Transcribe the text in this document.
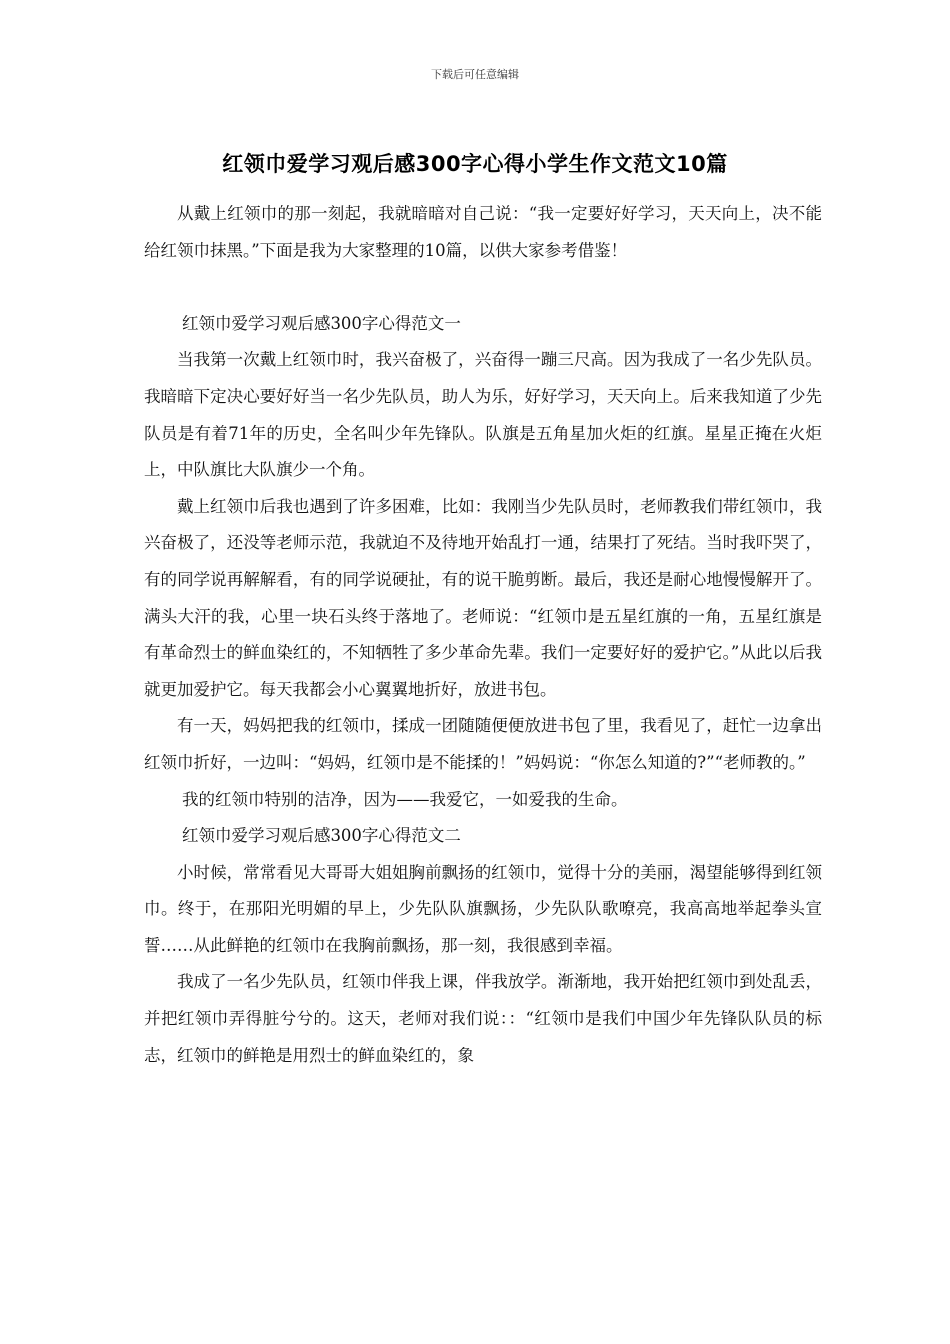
下载后可任意编辑
红领巾爱学习观后感300字心得小学生作文范文10篇

从戴上红领巾的那一刻起，我就暗暗对自己说：“我一定要好好学习，天天向上，决不能给红领巾抹黑。”下面是我为大家整理的10篇，以供大家参考借鉴！

红领巾爱学习观后感300字心得范文一

当我第一次戴上红领巾时，我兴奋极了，兴奋得一蹦三尺高。因为我成了一名少先队员。我暗暗下定决心要好好当一名少先队员，助人为乐，好好学习，天天向上。后来我知道了少先队员是有着71年的历史，全名叫少年先锋队。队旗是五角星加火炬的红旗。星星正掩在火炬上，中队旗比大队旗少一个角。

戴上红领巾后我也遇到了许多困难，比如：我刚当少先队员时，老师教我们带红领巾，我兴奋极了，还没等老师示范，我就迫不及待地开始乱打一通，结果打了死结。当时我吓哭了，有的同学说再解解看，有的同学说硬扯，有的说干脆剪断。最后，我还是耐心地慢慢解开了。满头大汗的我，心里一块石头终于落地了。老师说：“红领巾是五星红旗的一角，五星红旗是有革命烈士的鲜血染红的，不知牺牲了多少革命先辈。我们一定要好好的爱护它。”从此以后我就更加爱护它。每天我都会小心翼翼地折好，放进书包。

有一天，妈妈把我的红领巾，揉成一团随随便便放进书包了里，我看见了，赶忙一边拿出红领巾折好，一边叫：“妈妈，红领巾是不能揉的！”妈妈说：“你怎么知道的?”“老师教的。”

我的红领巾特别的洁净，因为——我爱它，一如爱我的生命。

红领巾爱学习观后感300字心得范文二

小时候，常常看见大哥哥大姐姐胸前飘扬的红领巾，觉得十分的美丽，渴望能够得到红领巾。终于，在那阳光明媚的早上，少先队队旗飘扬，少先队队歌嘹亮，我高高地举起拳头宣誓……从此鲜艳的红领巾在我胸前飘扬，那一刻，我很感到幸福。

我成了一名少先队员，红领巾伴我上课，伴我放学。渐渐地，我开始把红领巾到处乱丢，并把红领巾弄得脏兮兮的。这天，老师对我们说：：“红领巾是我们中国少年先锋队队员的标志，红领巾的鲜艳是用烈士的鲜血染红的，象
